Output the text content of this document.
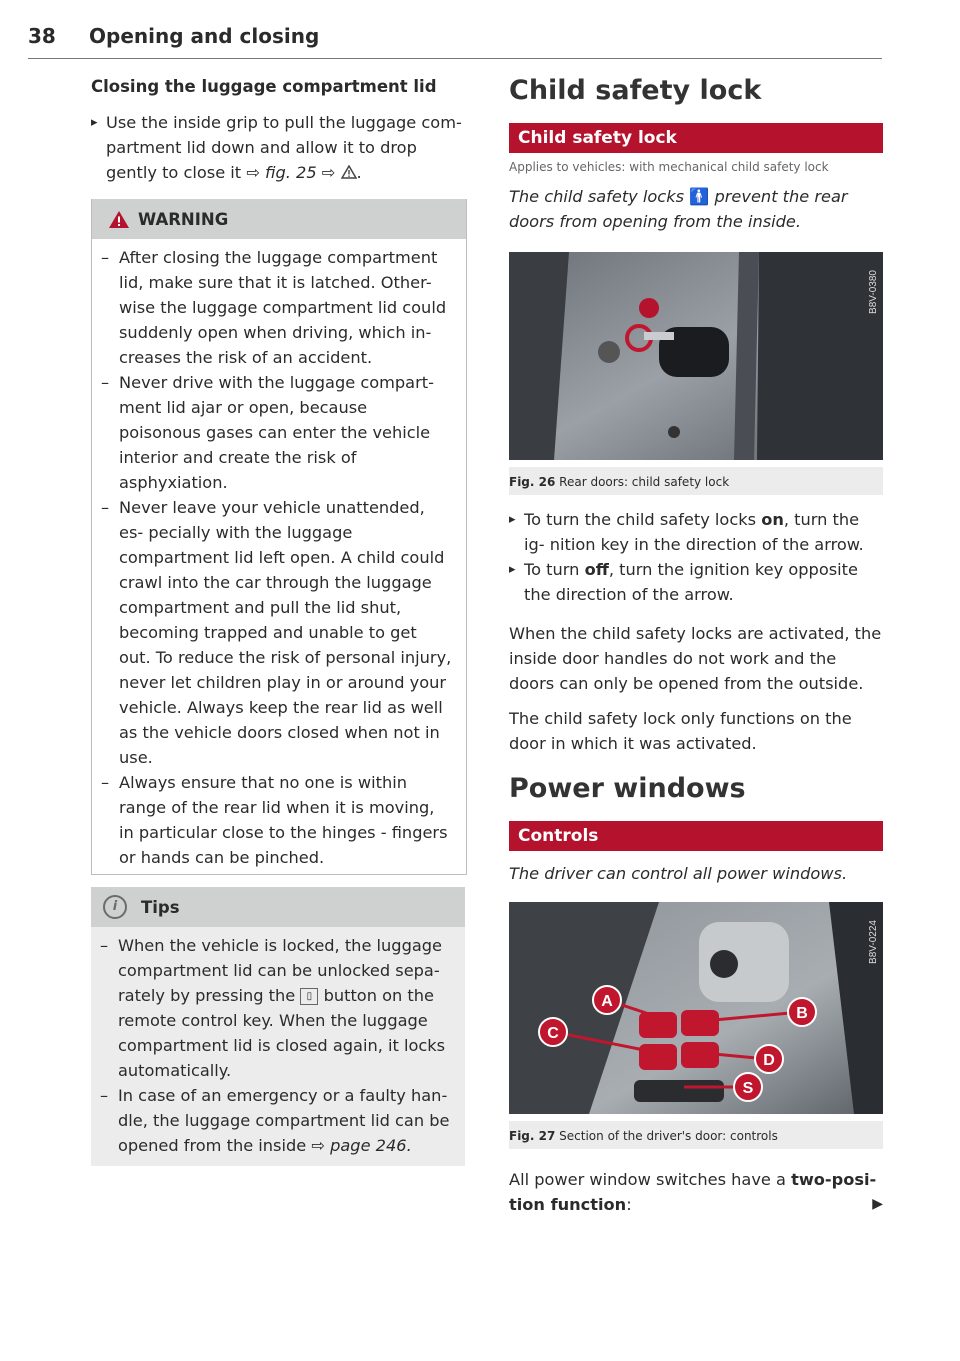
38 Opening and closing
Closing the luggage compartment lid

▸ Use the inside grip to pull the luggage com- partment lid down and allow it to drop gently to close it ⇨ fig. 25 ⇨ .

WARNING

– After closing the luggage compartment lid, make sure that it is latched. Other- wise the luggage compartment lid could suddenly open when driving, which in- creases the risk of an accident.

– Never drive with the luggage compart- ment lid ajar or open, because poisonous gases can enter the vehicle interior and create the risk of asphyxiation.

– Never leave your vehicle unattended, es- pecially with the luggage compartment lid left open. A child could crawl into the car through the luggage compartment and pull the lid shut, becoming trapped and unable to get out. To reduce the risk of personal injury, never let children play in or around your vehicle. Always keep the rear lid as well as the vehicle doors closed when not in use.

– Always ensure that no one is within range of the rear lid when it is moving, in particular close to the hinges - fingers or hands can be pinched.

i	Tips

– When the vehicle is locked, the luggage compartment lid can be unlocked sepa- rately by pressing the ▯ button on the remote control key. When the luggage compartment lid is closed again, it locks automatically.

– In case of an emergency or a faulty han- dle, the luggage compartment lid can be opened from the inside ⇨ page 246.

Child safety lock
Child safety lock

Applies to vehicles: with mechanical child safety lock

The child safety locks 🚹 prevent the rear doors from opening from the inside.

B8V-0380
Fig. 26 Rear doors: child safety lock

▸ To turn the child safety locks on, turn the ig- nition key in the direction of the arrow.

▸ To turn off, turn the ignition key opposite the direction of the arrow.

When the child safety locks are activated, the inside door handles do not work and the doors can only be opened from the outside.

The child safety lock only functions on the door in which it was activated.

Power windows
Controls

The driver can control all power windows.

A
B
C
D
S
B8V-0224
Fig. 27 Section of the driver's door: controls

All power window switches have a two-posi- tion function:	▶
